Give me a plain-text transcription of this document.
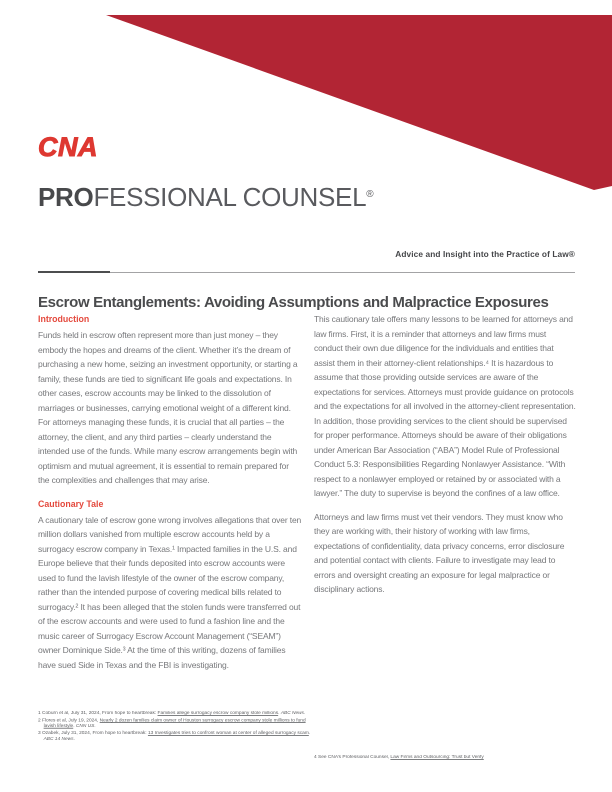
CNA
PROFESSIONAL COUNSEL®
Advice and Insight into the Practice of Law®
Escrow Entanglements: Avoiding Assumptions and Malpractice Exposures
Introduction

Funds held in escrow often represent more than just money – they embody the hopes and dreams of the client. Whether it’s the dream of purchasing a new home, seizing an investment opportunity, or starting a family, these funds are tied to significant life goals and expectations. In other cases, escrow accounts may be linked to the dissolution of marriages or businesses, carrying emotional weight of a different kind. For attorneys managing these funds, it is crucial that all parties – the attorney, the client, and any third parties – clearly understand the intended use of the funds. While many escrow arrangements begin with optimism and mutual agreement, it is essential to remain prepared for the complexities and challenges that may arise.

Cautionary Tale

A cautionary tale of escrow gone wrong involves allegations that over ten million dollars vanished from multiple escrow accounts held by a surrogacy escrow company in Texas.¹ Impacted families in the U.S. and Europe believe that their funds deposited into escrow accounts were used to fund the lavish lifestyle of the owner of the escrow company, rather than the intended purpose of covering medical bills related to surrogacy.² It has been alleged that the stolen funds were transferred out of the escrow accounts and were used to fund a fashion line and the music career of Surrogacy Escrow Account Management (“SEAM”) owner Dominique Side.³ At the time of this writing, dozens of families have sued Side in Texas and the FBI is investigating.

This cautionary tale offers many lessons to be learned for attorneys and law firms. First, it is a reminder that attorneys and law firms must conduct their own due diligence for the individuals and entities that assist them in their attorney-client relationships.⁴ It is hazardous to assume that those providing outside services are aware of the expectations for services. Attorneys must provide guidance on protocols and the expectations for all involved in the attorney-client representation. In addition, those providing services to the client should be supervised for proper performance. Attorneys should be aware of their obligations under American Bar Association (“ABA”) Model Rule of Professional Conduct 5.3: Responsibilities Regarding Nonlawyer Assistance. “With respect to a nonlawyer employed or retained by or associated with a lawyer.” The duty to supervise is beyond the confines of a law office.

Attorneys and law firms must vet their vendors. They must know who they are working with, their history of working with law firms, expectations of confidentiality, data privacy concerns, error disclosure and potential contact with clients. Failure to investigate may lead to errors and oversight creating an exposure for legal malpractice or disciplinary actions.

1 Coburn et al, July 31, 2024, From hope to heartbreak: Families allege surrogacy escrow company stole millions. ABC News.
2 Flores et al, July 19, 2024, Nearly 2 dozen families claim owner of Houston surrogacy escrow company stole millions to fund lavish lifestyle. CNN US.
3 Ozabek, July 31, 2024, From hope to heartbreak: 13 Investigates tries to confront woman at center of alleged surrogacy scam. ABC 14 News.
4 See CNA’s Professional Counsel, Law Firms and Outsourcing: Trust but Verify
